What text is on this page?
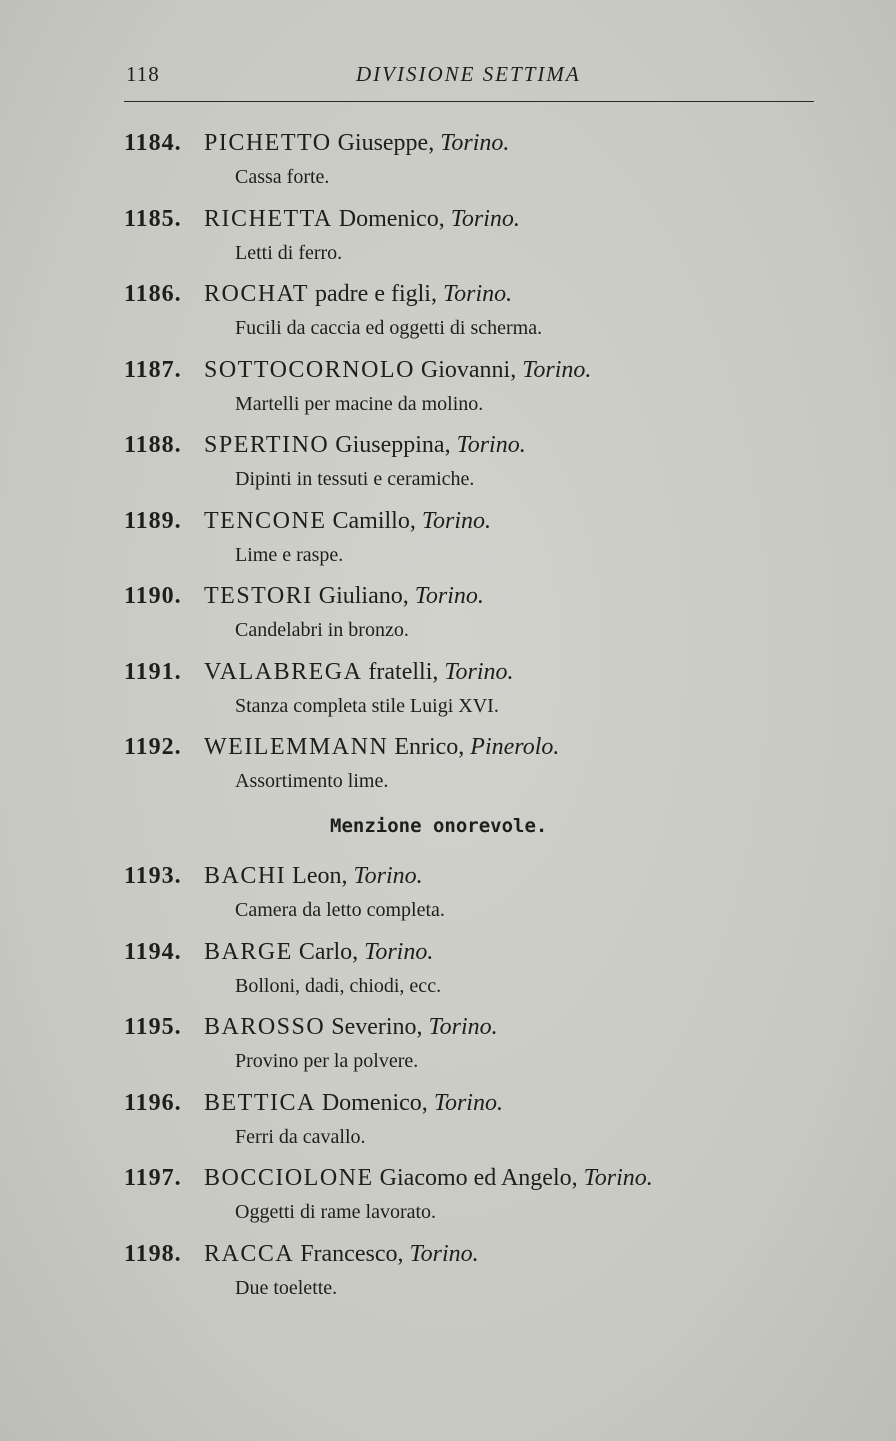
118	DIVISIONE SETTIMA
1184. PICHETTO Giuseppe, Torino.
Cassa forte.
1185. RICHETTA Domenico, Torino.
Letti di ferro.
1186. ROCHAT padre e figli, Torino.
Fucili da caccia ed oggetti di scherma.
1187. SOTTOCORNOLO Giovanni, Torino.
Martelli per macine da molino.
1188. SPERTINO Giuseppina, Torino.
Dipinti in tessuti e ceramiche.
1189. TENCONE Camillo, Torino.
Lime e raspe.
1190. TESTORI Giuliano, Torino.
Candelabri in bronzo.
1191. VALABREGA fratelli, Torino.
Stanza completa stile Luigi XVI.
1192. WEILEMMANN Enrico, Pinerolo.
Assortimento lime.
Menzione onorevole.
1193. BACHI Leon, Torino.
Camera da letto completa.
1194. BARGE Carlo, Torino.
Bolloni, dadi, chiodi, ecc.
1195. BAROSSO Severino, Torino.
Provino per la polvere.
1196. BETTICA Domenico, Torino.
Ferri da cavallo.
1197. BOCCIOLONE Giacomo ed Angelo, Torino.
Oggetti di rame lavorato.
1198. RACCA Francesco, Torino.
Due toelette.
